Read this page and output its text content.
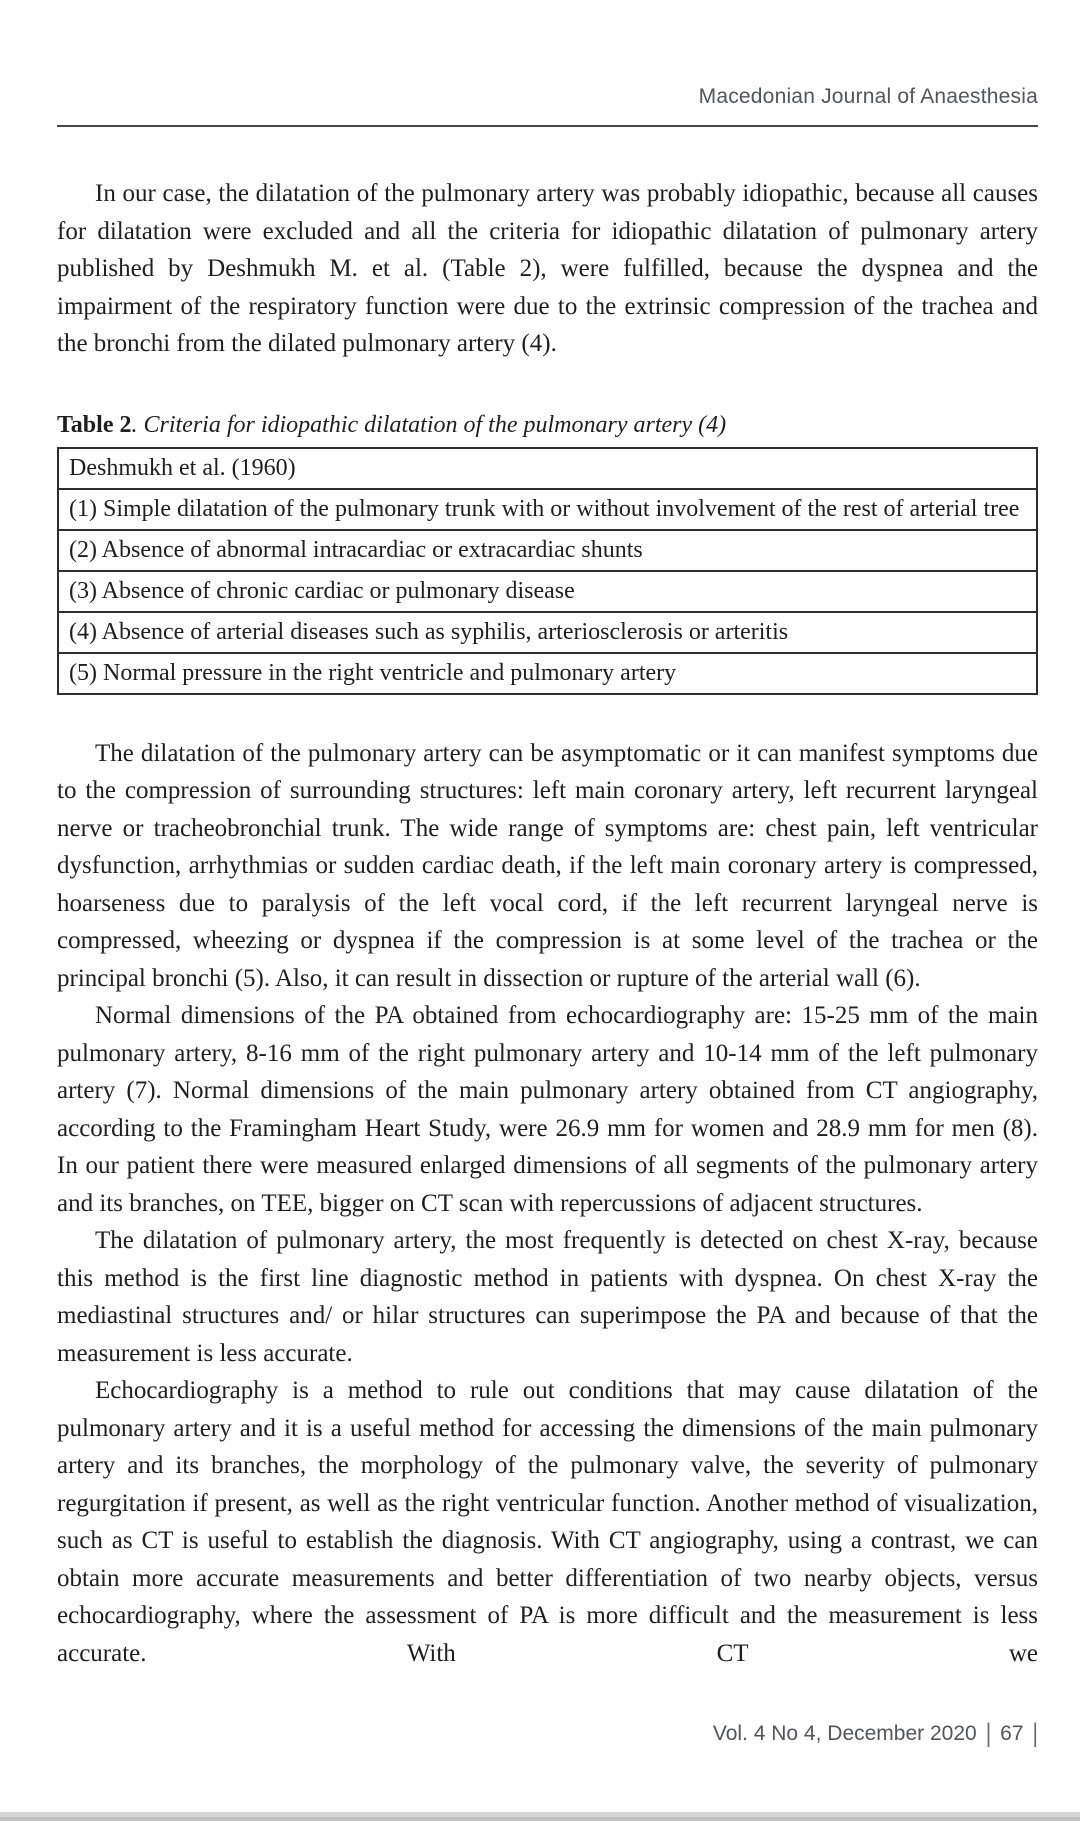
Macedonian Journal of Anaesthesia

In our case, the dilatation of the pulmonary artery was probably idiopathic, because all causes for dilatation were excluded and all the criteria for idiopathic dilatation of pulmonary artery published by Deshmukh M. et al. (Table 2), were fulfilled, because the dyspnea and the impairment of the respiratory function were due to the extrinsic compression of the trachea and the bronchi from the dilated pulmonary artery (4).

Table 2. Criteria for idiopathic dilatation of the pulmonary artery (4)
Deshmukh et al. (1960)
(1) Simple dilatation of the pulmonary trunk with or without involvement of the rest of arterial tree
(2) Absence of abnormal intracardiac or extracardiac shunts
(3) Absence of chronic cardiac or pulmonary disease
(4) Absence of arterial diseases such as syphilis, arteriosclerosis or arteritis
(5) Normal pressure in the right ventricle and pulmonary artery

The dilatation of the pulmonary artery can be asymptomatic or it can manifest symptoms due to the compression of surrounding structures: left main coronary artery, left recurrent laryngeal nerve or tracheobronchial trunk. The wide range of symptoms are: chest pain, left ventricular dysfunction, arrhythmias or sudden cardiac death, if the left main coronary artery is compressed, hoarseness due to paralysis of the left vocal cord, if the left recurrent laryngeal nerve is compressed, wheezing or dyspnea if the compression is at some level of the trachea or the principal bronchi (5). Also, it can result in dissection or rupture of the arterial wall (6).

Normal dimensions of the PA obtained from echocardiography are: 15-25 mm of the main pulmonary artery, 8-16 mm of the right pulmonary artery and 10-14 mm of the left pulmonary artery (7). Normal dimensions of the main pulmonary artery obtained from CT angiography, according to the Framingham Heart Study, were 26.9 mm for women and 28.9 mm for men (8). In our patient there were measured enlarged dimensions of all segments of the pulmonary artery and its branches, on TEE, bigger on CT scan with repercussions of adjacent structures.

The dilatation of pulmonary artery, the most frequently is detected on chest X-ray, because this method is the first line diagnostic method in patients with dyspnea. On chest X-ray the mediastinal structures and/ or hilar structures can superimpose the PA and because of that the measurement is less accurate.

Echocardiography is a method to rule out conditions that may cause dilatation of the pulmonary artery and it is a useful method for accessing the dimensions of the main pulmonary artery and its branches, the morphology of the pulmonary valve, the severity of pulmonary regurgitation if present, as well as the right ventricular function. Another method of visualization, such as CT is useful to establish the diagnosis. With CT angiography, using a contrast, we can obtain more accurate measurements and better differentiation of two nearby objects, versus echocardiography, where the assessment of PA is more difficult and the measurement is less accurate. With CT we

Vol. 4 No 4, December 2020 | 67 |
